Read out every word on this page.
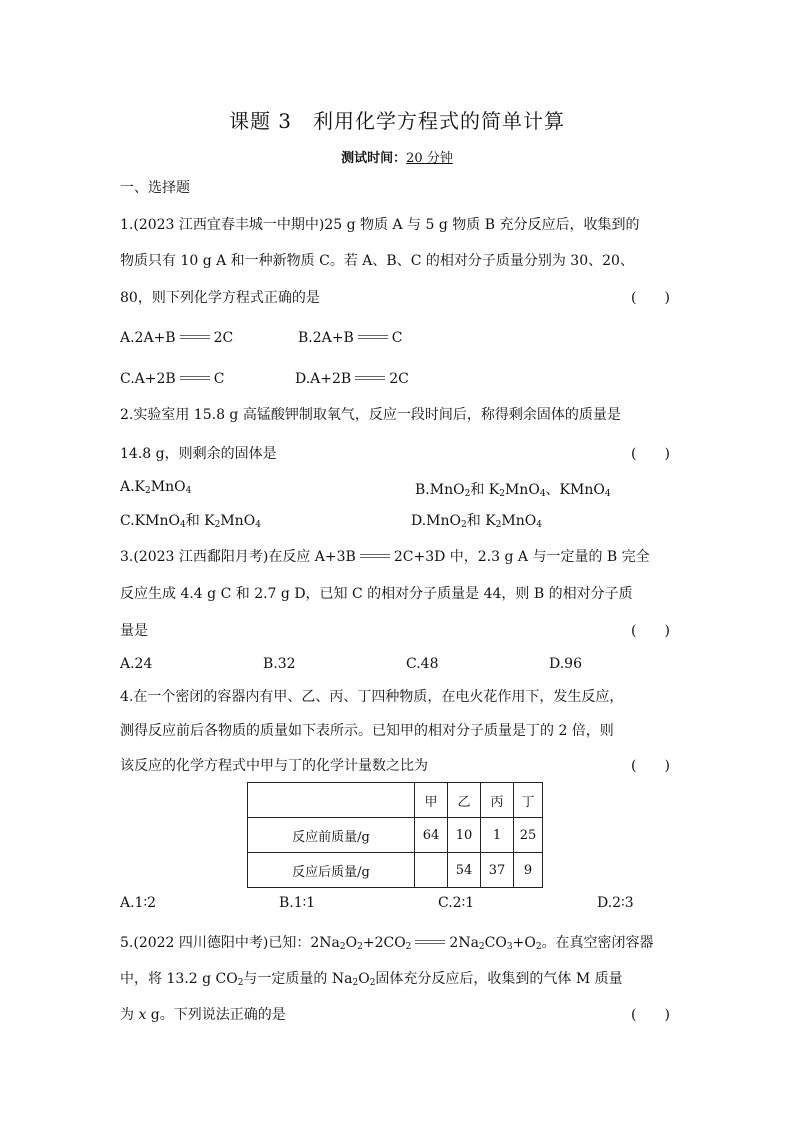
课题 3　利用化学方程式的简单计算
测试时间：20 分钟
一、选择题
1.(2023 江西宜春丰城一中期中)25 g 物质 A 与 5 g 物质 B 充分反应后，收集到的
物质只有 10 g A 和一种新物质 C。若 A、B、C 的相对分子质量分别为 30、20、
80，则下列化学方程式正确的是	(　　)
A.2A+B	2C	B.2A+B	C
C.A+2B	C	D.A+2B	2C
2.实验室用 15.8 g 高锰酸钾制取氧气，反应一段时间后，称得剩余固体的质量是
14.8 g，则剩余的固体是	(　　)
$A.K_2MnO_4$	B.MnO$_2$和 $K_2MnO_4$、KMnO$_4$
C.KMnO$_4$和 $K_2MnO_4$	D.MnO$_2$和 $K_2MnO_4$
3.(2023 江西鄱阳月考)在反应 A+3B	2C+3D 中，2.3 g A 与一定量的 B 完全
反应生成 4.4 g C 和 2.7 g D，已知 C 的相对分子质量是 44，则 B 的相对分子质
量是	(　　)
A.24	B.32	C.48	D.96
4.在一个密闭的容器内有甲、乙、丙、丁四种物质，在电火花作用下，发生反应，
测得反应前后各物质的质量如下表所示。已知甲的相对分子质量是丁的 2 倍，则
该反应的化学方程式中甲与丁的化学计量数之比为	(　　)
	甲	乙	丙	丁
反应前质量/g	64	10	1	25
反应后质量/g		54	37	9
A.1∶2	B.1∶1	C.2∶1	D.2∶3
5.(2022 四川德阳中考)已知：$2Na_2O_2+2CO_2$	$2Na_2CO_3+O_2$。在真空密闭容器
中，将 13.2 g $CO_2$与一定质量的 $Na_2O_2$固体充分反应后，收集到的气体 M 质量
为 x g。下列说法正确的是	(　　)
